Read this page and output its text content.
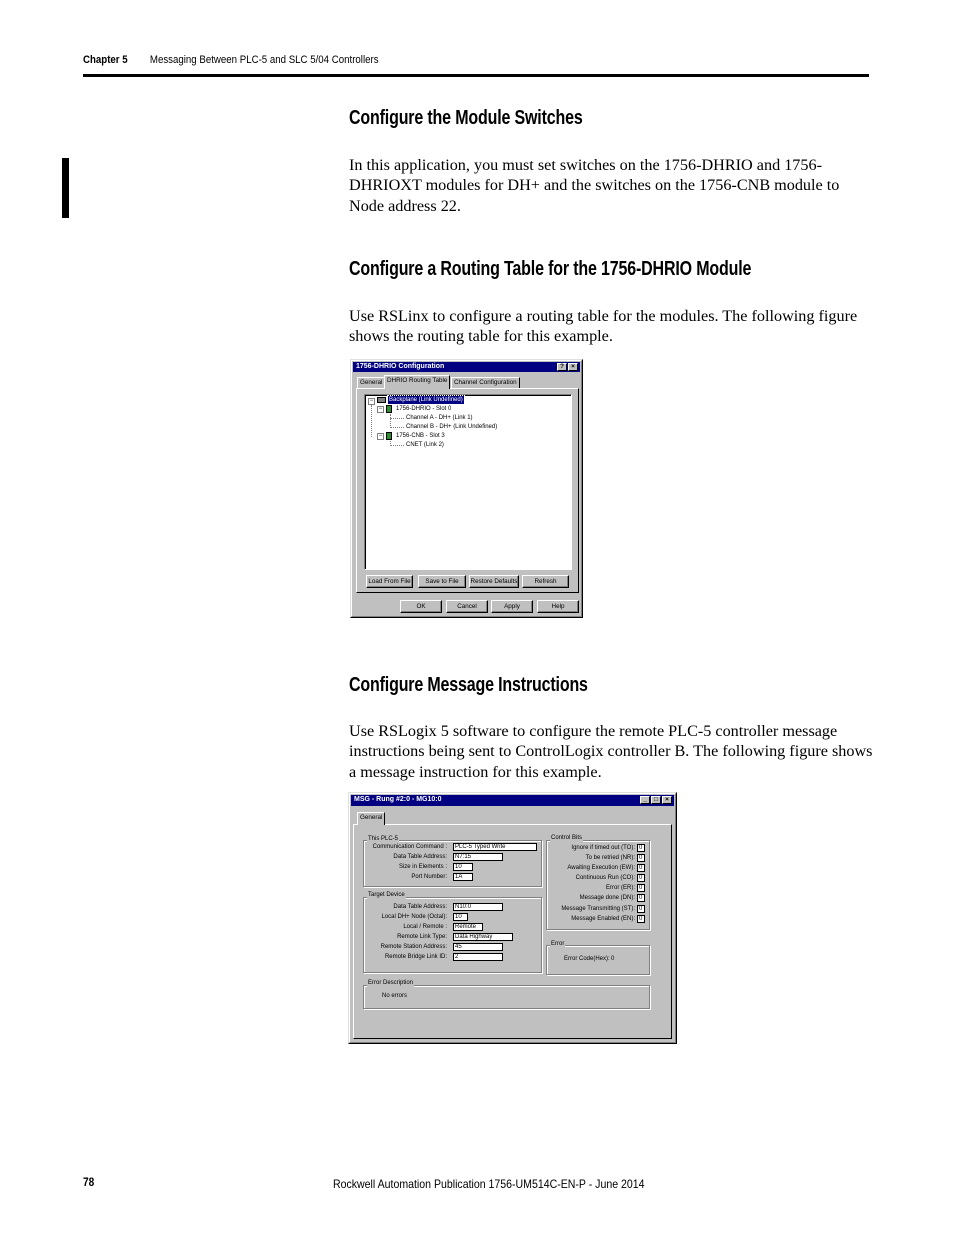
Chapter 5 Messaging Between PLC-5 and SLC 5/04 Controllers
Configure the Module Switches

In this application, you must set switches on the 1756-DHRIO and 1756-DHRIOXT modules for DH+ and the switches on the 1756-CNB module to Node address 22.

Configure a Routing Table for the 1756-DHRIO Module

Use RSLinx to configure a routing table for the modules. The following figure shows the routing table for this example.

1756-DHRIO Configuration	?	×
General DHRIO Routing Table	Channel Configuration
−	Backplane (Link Undefined)
− 1756-DHRIO - Slot 0
Channel A - DH+ (Link 1)
Channel B - DH+ (Link Undefined)
− 1756-CNB - Slot 3
CNET (Link 2)
Load From File	Save to File	Restore Defaults	Refresh
OK	Cancel	Apply	Help
Configure Message Instructions

Use RSLogix 5 software to configure the remote PLC-5 controller message instructions being sent to ControlLogix controller B. The following figure shows a message instruction for this example.

MSG - Rung #2:0 - MG10:0	_	□	×
General
This PLC-5
Communication Command :	PLC-5 Typed Write
Data Table Address:	N7:15
Size in Elements :	10
Port Number:	1A
Target Device
Data Table Address:	N10:0
Local DH+ Node (Octal):	10
Local / Remote :	Remote
Remote Link Type:	Data Highway
Remote Station Address:	45
Remote Bridge Link ID:	2
Control Bits
Ignore if timed out (TO): 0
To be retried (NR): 0
Awaiting Execution (EW): 0
Continuous Run (CO): 0
Error (ER): 0
Message done (DN): 0
Message Transmitting (ST): 0
Message Enabled (EN): 0
Error
Error Code(Hex): 0
Error Description
No errors
78	Rockwell Automation Publication 1756-UM514C-EN-P - June 2014
